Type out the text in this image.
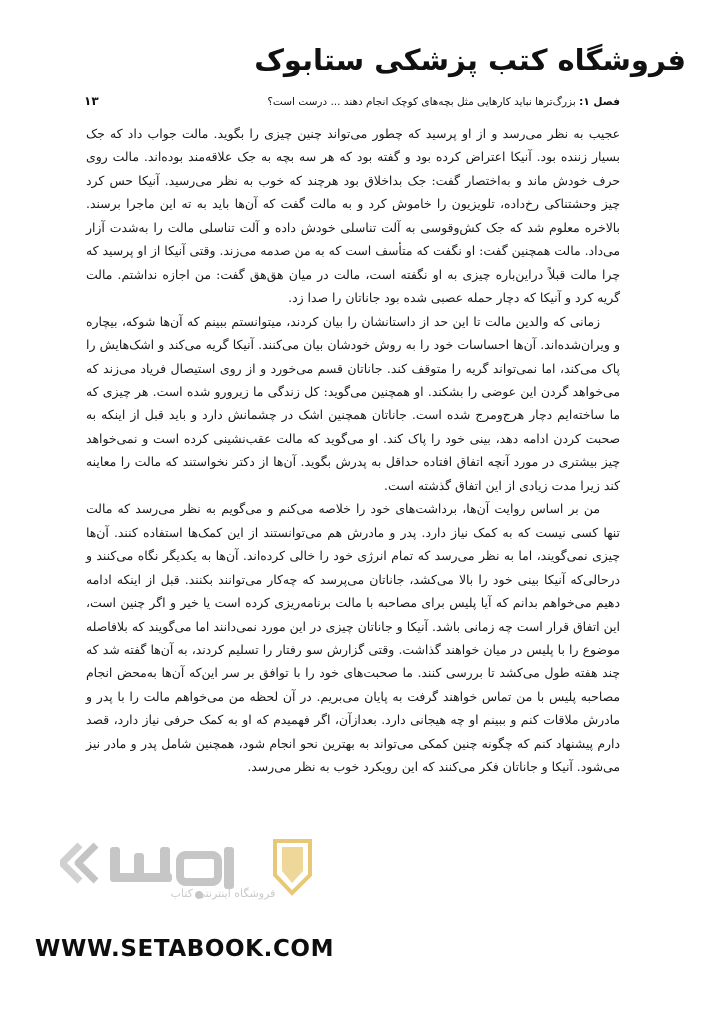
فروشگاه کتب پزشکی ستابوک
فصل ۱: بزرگ‌ترها نباید کارهایی مثل بچه‌های کوچک انجام دهند ... درست است؟
۱۳

عجیب به نظر می‌رسد و از او پرسید که چطور می‌تواند چنین چیزی را بگوید. مالت جواب داد که جک بسیار زننده بود. آنیکا اعتراض کرده بود و گفته بود که هر سه بچه به جک علاقه‌مند بوده‌اند. مالت روی حرف خودش ماند و به‌اختصار گفت: جک بداخلاق بود هرچند که خوب به نظر می‌رسید. آنیکا حس کرد چیز وحشتناکی رخ‌داده، تلویزیون را خاموش کرد و به مالت گفت که آن‌ها باید به ته این ماجرا برسند. بالاخره معلوم شد که جک کش‌وقوسی به آلت تناسلی خودش داده و آلت تناسلی مالت را به‌شدت آزار می‌داد. مالت همچنین گفت: او نگفت که متأسف است که به من صدمه می‌زند. وقتی آنیکا از او پرسید که چرا مالت قبلاً دراین‌باره چیزی به او نگفته است، مالت در میان هق‌هق گفت: من اجازه نداشتم. مالت گریه کرد و آنیکا که دچار حمله عصبی شده بود جاناتان را صدا زد.

زمانی که والدین مالت تا این حد از داستانشان را بیان کردند، میتوانستم ببینم که آن‌ها شوکه، بیچاره و ویران‌شده‌اند. آن‌ها احساسات خود را به روش خودشان بیان می‌کنند. آنیکا گریه می‌کند و اشک‌هایش را پاک می‌کند، اما نمی‌تواند گریه را متوقف کند. جاناتان قسم می‌خورد و از روی استیصال فریاد می‌زند که می‌خواهد گردن این عوضی را بشکند. او همچنین می‌گوید: کل زندگی ما زیرورو شده است. هر چیزی که ما ساخته‌ایم دچار هرج‌ومرج شده است. جاناتان همچنین اشک در چشمانش دارد و باید قبل از اینکه به صحبت کردن ادامه دهد، بینی خود را پاک کند. او می‌گوید که مالت عقب‌نشینی کرده است و نمی‌خواهد چیز بیشتری در مورد آنچه اتفاق افتاده حداقل به پدرش بگوید. آن‌ها از دکتر نخواستند که مالت را معاینه کند زیرا مدت زیادی از این اتفاق گذشته است.

من بر اساس روایت آن‌ها، برداشت‌های خود را خلاصه می‌کنم و می‌گویم به نظر می‌رسد که مالت تنها کسی نیست که به کمک نیاز دارد. پدر و مادرش هم می‌توانستند از این کمک‌ها استفاده کنند. آن‌ها چیزی نمی‌گویند، اما به نظر می‌رسد که تمام انرژی خود را خالی کرده‌اند. آن‌ها به یکدیگر نگاه می‌کنند و درحالی‌که آنیکا بینی خود را بالا می‌کشد، جاناتان می‌پرسد که چه‌کار می‌توانند بکنند. قبل از اینکه ادامه دهیم می‌خواهم بدانم که آیا پلیس برای مصاحبه با مالت برنامه‌ریزی کرده است یا خیر و اگر چنین است، این اتفاق قرار است چه زمانی باشد. آنیکا و جاناتان چیزی در این مورد نمی‌دانند اما می‌گویند که بلافاصله موضوع را با پلیس در میان خواهند گذاشت. وقتی گزارش سو رفتار را تسلیم کردند، به آن‌ها گفته شد که چند هفته طول می‌کشد تا بررسی کنند. ما صحبت‌های خود را با توافق بر سر این‌که آن‌ها به‌محض انجام مصاحبه پلیس با من تماس خواهند گرفت به پایان می‌بریم. در آن لحظه من می‌خواهم مالت را با پدر و مادرش ملاقات کنم و ببینم او چه هیجانی دارد. بعدازآن، اگر فهمیدم که او به کمک حرفی نیاز دارد، قصد دارم پیشنهاد کنم که چگونه چنین کمکی می‌تواند به بهترین نحو انجام شود، همچنین شامل پدر و مادر نیز می‌شود. آنیکا و جاناتان فکر می‌کنند که این رویکرد خوب به نظر می‌رسد.

فروشگاه اینترنتی کتاب
WWW.SETABOOK.COM
